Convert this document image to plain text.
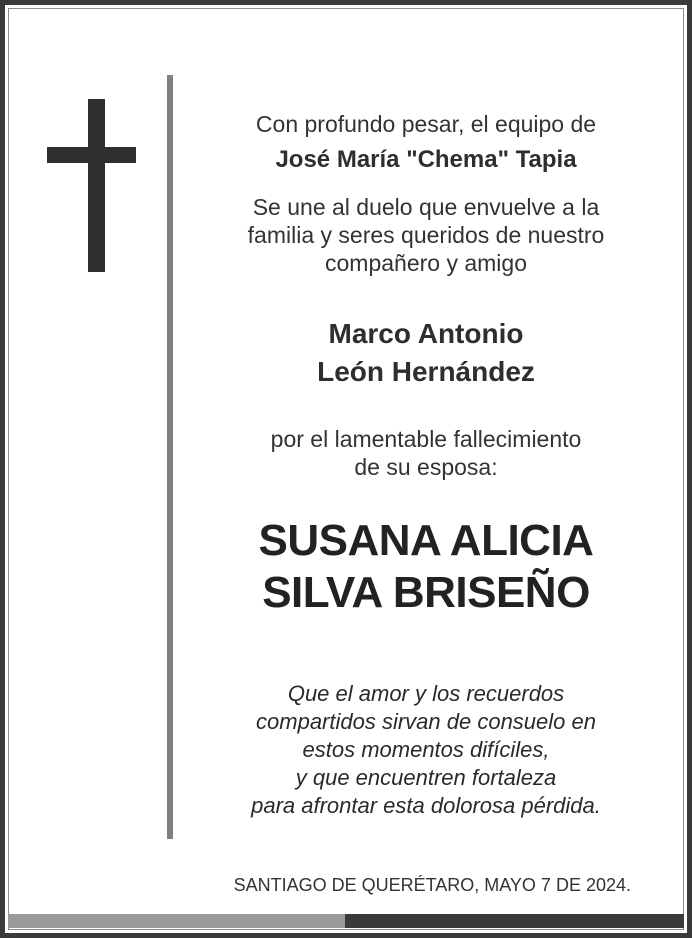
Con profundo pesar, el equipo de
José María "Chema" Tapia
Se une al duelo que envuelve a la
familia y seres queridos de nuestro
compañero y amigo
Marco Antonio
León Hernández
por el lamentable fallecimiento
de su esposa:
SUSANA ALICIA
SILVA BRISEÑO
Que el amor y los recuerdos
compartidos sirvan de consuelo en
estos momentos difíciles,
y que encuentren fortaleza
para afrontar esta dolorosa pérdida.
SANTIAGO DE QUERÉTARO, MAYO 7 DE 2024.
